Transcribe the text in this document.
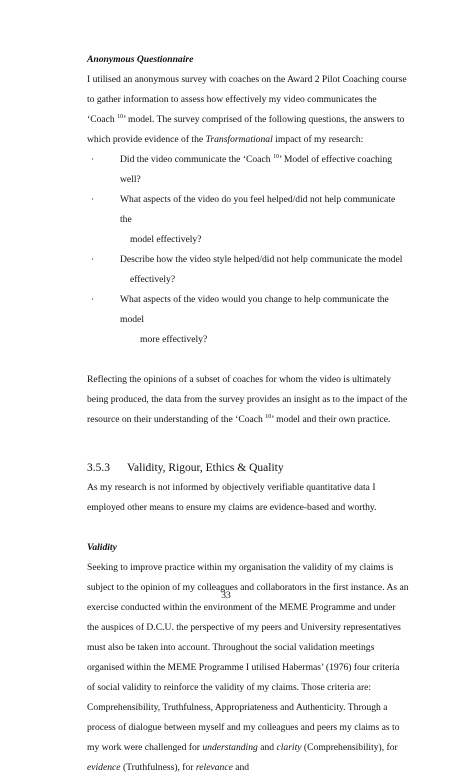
Anonymous Questionnaire

I utilised an anonymous survey with coaches on the Award 2 Pilot Coaching course to gather information to assess how effectively my video communicates the ‘Coach $^{10}$’ model. The survey comprised of the following questions, the answers to which provide evidence of the Transformational impact of my research:

·	Did the video communicate the ‘Coach $^{10}$’ Model of effective coaching well?
·	What aspects of the video do you feel helped/did not help communicate the
model effectively?
·	Describe how the video style helped/did not help communicate the model
effectively?
·	What aspects of the video would you change to help communicate the model
more effectively?

Reflecting the opinions of a subset of coaches for whom the video is ultimately being produced, the data from the survey provides an insight as to the impact of the resource on their understanding of the ‘Coach $^{10}$’ model and their own practice.

3.5.3 Validity, Rigour, Ethics & Quality

As my research is not informed by objectively verifiable quantitative data I employed other means to ensure my claims are evidence-based and worthy.

Validity

Seeking to improve practice within my organisation the validity of my claims is subject to the opinion of my colleagues and collaborators in the first instance. As an exercise conducted within the environment of the MEME Programme and under the auspices of D.C.U. the perspective of my peers and University representatives must also be taken into account. Throughout the social validation meetings organised within the MEME Programme I utilised Habermas’ (1976) four criteria of social validity to reinforce the validity of my claims. Those criteria are: Comprehensibility, Truthfulness, Appropriateness and Authenticity. Through a process of dialogue between myself and my colleagues and peers my claims as to my work were challenged for understanding and clarity (Comprehensibility), for evidence (Truthfulness), for relevance and

33
